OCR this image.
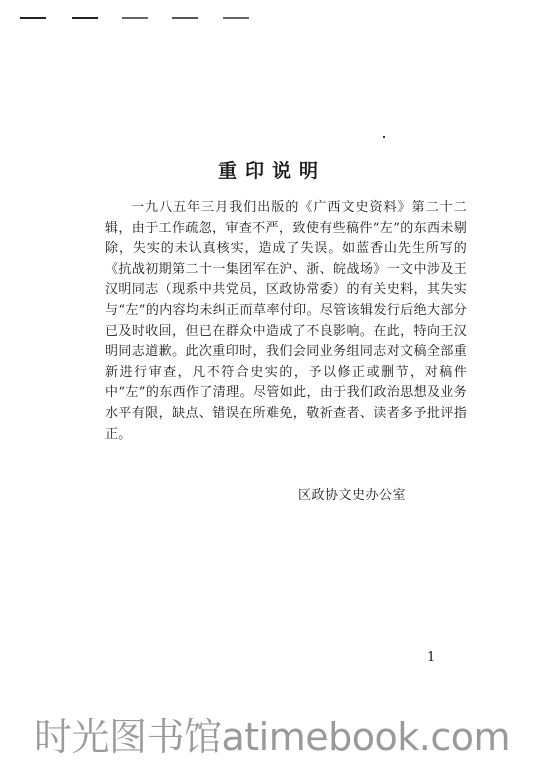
重印说明
一九八五年三月我们出版的《广西文史资料》第二十二辑，由于工作疏忽，审查不严，致使有些稿件“左”的东西未剔除，失实的未认真核实，造成了失误。如蓝香山先生所写的《抗战初期第二十一集团军在沪、浙、皖战场》一文中涉及王汉明同志（现系中共党员，区政协常委）的有关史料，其失实与“左”的内容均未纠正而草率付印。尽管该辑发行后绝大部分已及时收回，但已在群众中造成了不良影响。在此，特向王汉明同志道歉。此次重印时，我们会同业务组同志对文稿全部重新进行审查，凡不符合史实的，予以修正或删节，对稿件中“左”的东西作了清理。尽管如此，由于我们政治思想及业务水平有限，缺点、错误在所难免，敬祈查者、读者多予批评指正。
区政协文史办公室
1
时光图书馆atimebook.com
